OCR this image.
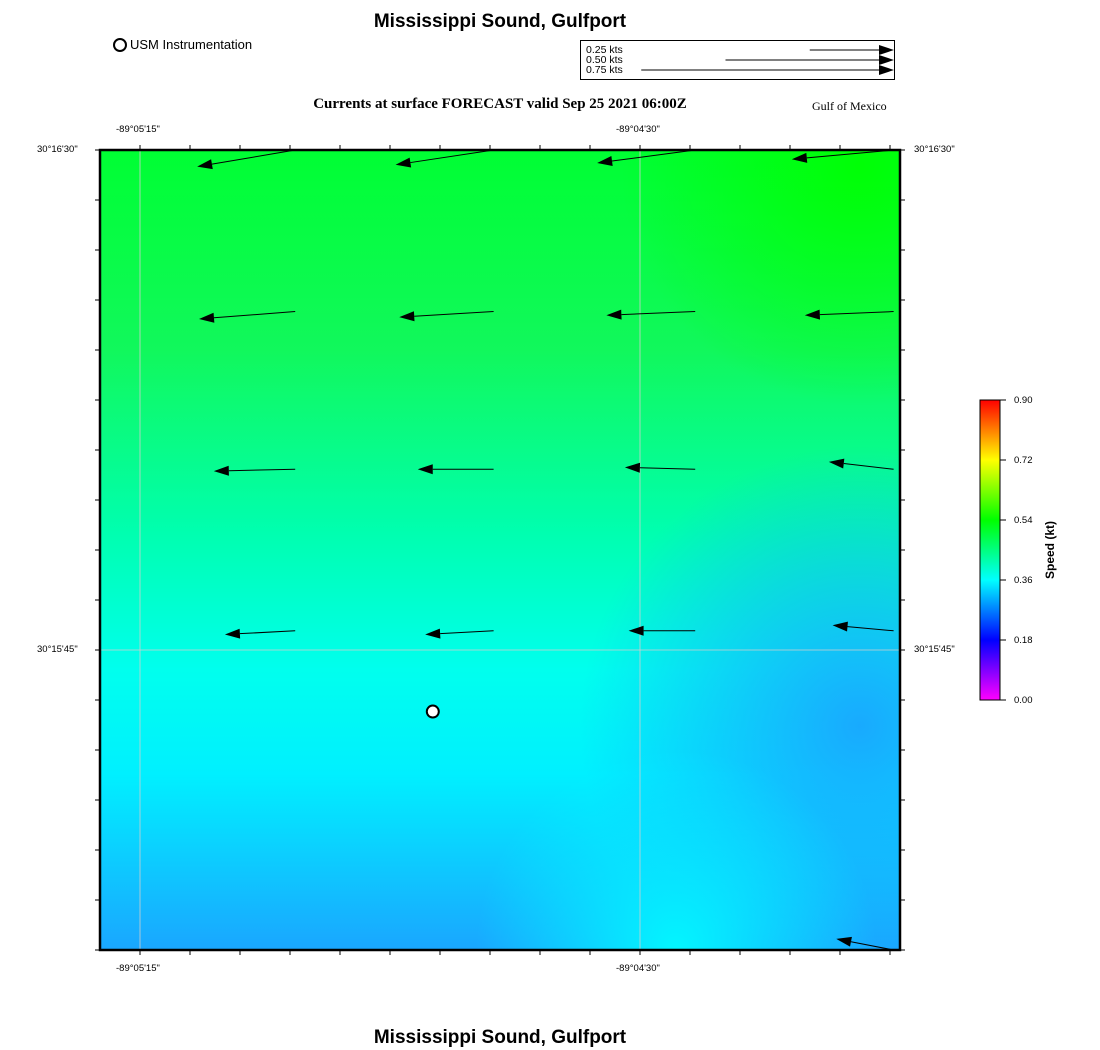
Mississippi Sound, Gulfport
USM Instrumentation	0.25 kts
0.50 kts
0.75 kts
Currents at surface FORECAST valid Sep 25 2021 06:00Z	Gulf of Mexico
Speed (kt)
-89°05'15"	-89°04'30"
-89°05'15"	-89°04'30"
30°16'30"
30°15'45"
30°16'30"
30°15'45"
0.90
0.72
0.54
0.36
0.18
0.00
Mississippi Sound, Gulfport
